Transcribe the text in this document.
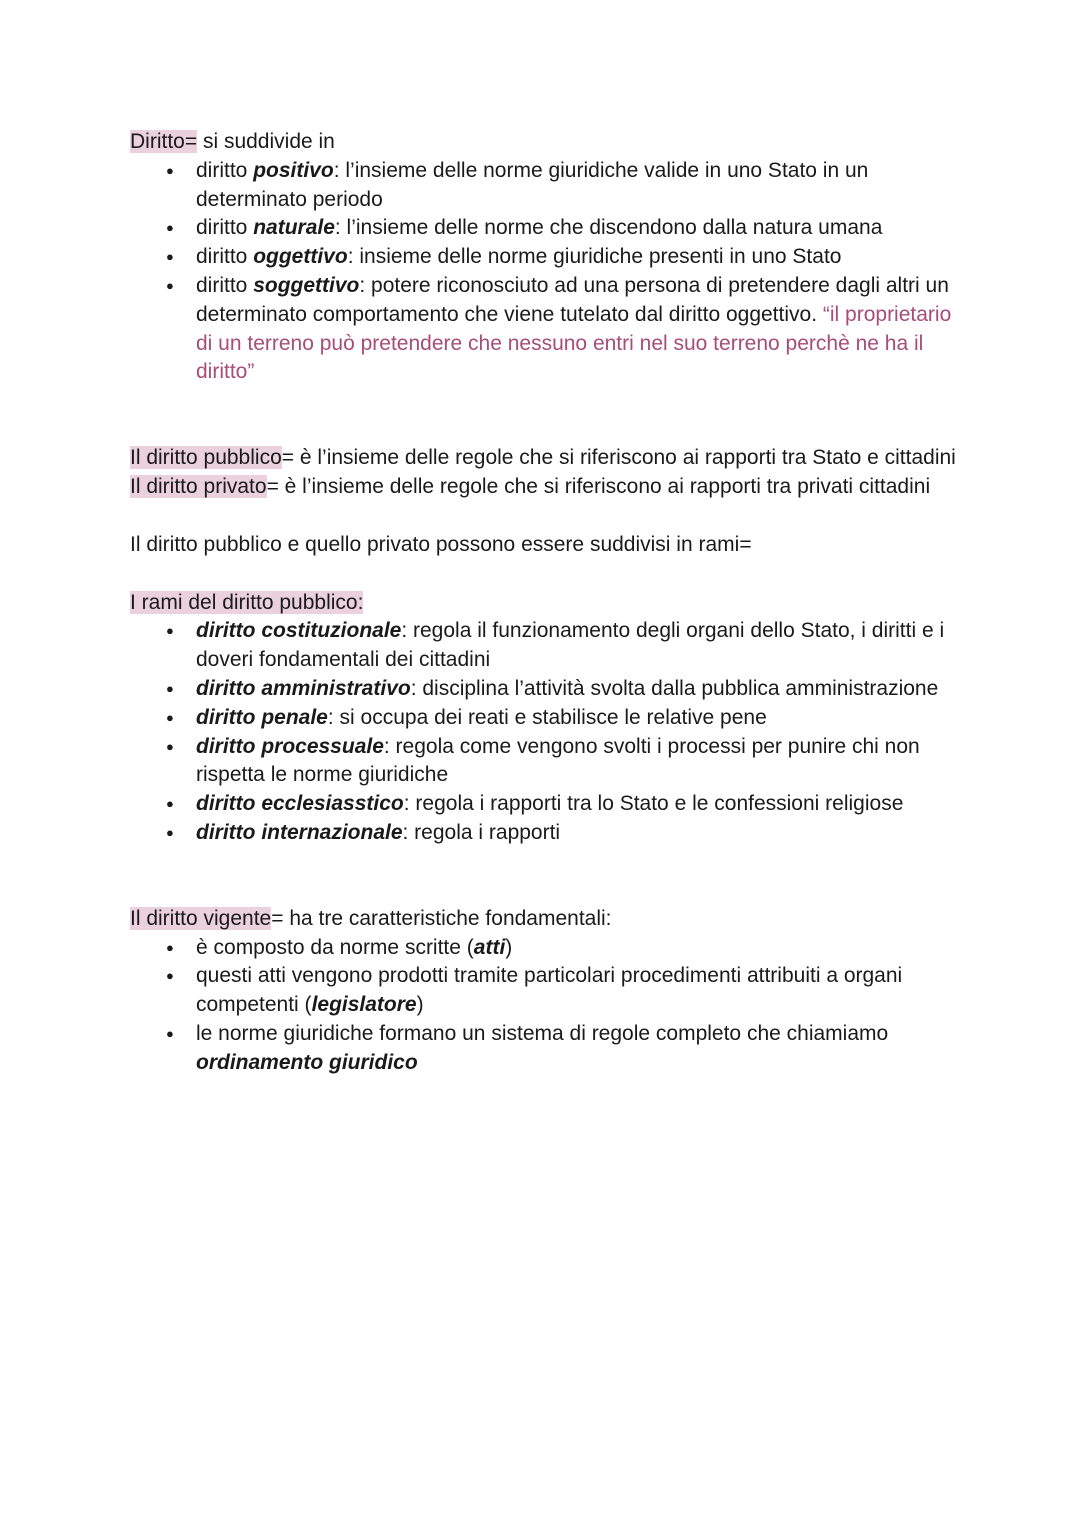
Diritto= si suddivide in

● diritto positivo: l’insieme delle norme giuridiche valide in uno Stato in un determinato periodo
● diritto naturale: l’insieme delle norme che discendono dalla natura umana
● diritto oggettivo: insieme delle norme giuridiche presenti in uno Stato
● diritto soggettivo: potere riconosciuto ad una persona di pretendere dagli altri un determinato comportamento che viene tutelato dal diritto oggettivo. “il proprietario di un terreno può pretendere che nessuno entri nel suo terreno perchè ne ha il diritto”

Il diritto pubblico= è l’insieme delle regole che si riferiscono ai rapporti tra Stato e cittadini

Il diritto privato= è l’insieme delle regole che si riferiscono ai rapporti tra privati cittadini

Il diritto pubblico e quello privato possono essere suddivisi in rami=

I rami del diritto pubblico:

● diritto costituzionale: regola il funzionamento degli organi dello Stato, i diritti e i doveri fondamentali dei cittadini
● diritto amministrativo: disciplina l’attività svolta dalla pubblica amministrazione
● diritto penale: si occupa dei reati e stabilisce le relative pene
● diritto processuale: regola come vengono svolti i processi per punire chi non rispetta le norme giuridiche
● diritto ecclesiasstico: regola i rapporti tra lo Stato e le confessioni religiose
● diritto internazionale: regola i rapporti

Il diritto vigente= ha tre caratteristiche fondamentali:

● è composto da norme scritte (atti)
● questi atti vengono prodotti tramite particolari procedimenti attribuiti a organi competenti (legislatore)
● le norme giuridiche formano un sistema di regole completo che chiamiamo ordinamento giuridico
